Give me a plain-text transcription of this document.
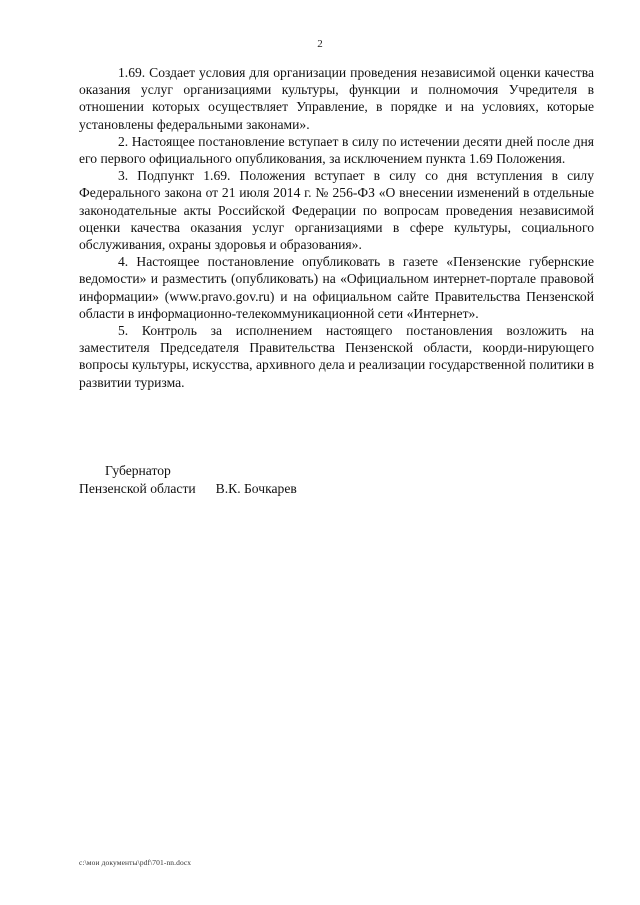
2

1.69. Создает условия для организации проведения независимой оценки качества оказания услуг организациями культуры, функции и полномочия Учредителя в отношении которых осуществляет Управление, в порядке и на условиях, которые установлены федеральными законами».

2. Настоящее постановление вступает в силу по истечении десяти дней после дня его первого официального опубликования, за исключением пункта 1.69 Положения.

3. Подпункт 1.69. Положения вступает в силу со дня вступления в силу Федерального закона от 21 июля 2014 г. № 256-ФЗ «О внесении изменений в отдельные законодательные акты Российской Федерации по вопросам проведения независимой оценки качества оказания услуг организациями в сфере культуры, социального обслуживания, охраны здоровья и образования».

4. Настоящее постановление опубликовать в газете «Пензенские губернские ведомости» и разместить (опубликовать) на «Официальном интернет-портале правовой информации» (www.pravo.gov.ru) и на официальном сайте Правительства Пензенской области в информационно-телекоммуникационной сети «Интернет».

5. Контроль за исполнением настоящего постановления возложить на заместителя Председателя Правительства Пензенской области, коорди-нирующего вопросы культуры, искусства, архивного дела и реализации государственной политики в развитии туризма.

Губернатор
Пензенской области В.К. Бочкарев
c:\мои документы\pdf\701-nn.docx
